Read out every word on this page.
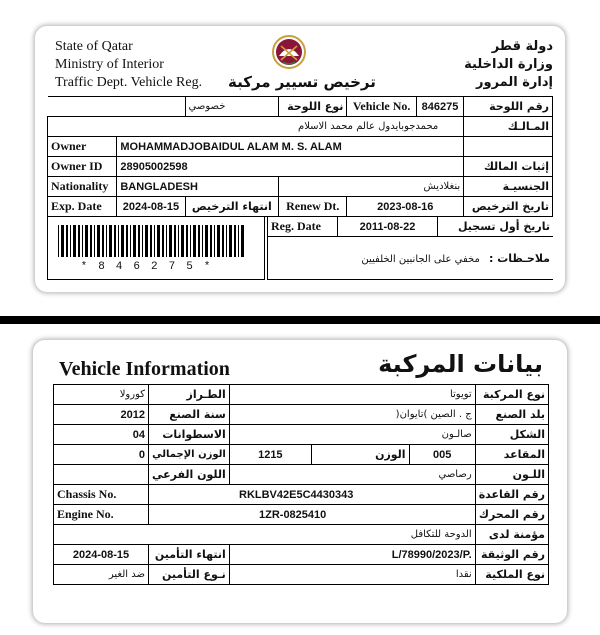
State of Qatar
Ministry of Interior
Traffic Dept. Vehicle Reg.
دولة قطر
وزارة الداخلية
إدارة المرور
ترخيص تسيير مركبة
		خصوصي	نوع اللوحة	Vehicle No.	846275	رقم اللوحة
محمدجوبايدول عالم محمد الاسلام						المـالـك
Owner	MOHAMMADJOBAIDUL ALAM M. S. ALAM					
Owner ID	28905002598					إثبات المالك
Nationality	BANGLADESH		بنغلاديش			الجنسيـة
Exp. Date	2024-08-15	انتهاء الترخيص	Renew Dt.	2023-08-16		تاريخ الترخيص
*846275*
Reg. Date	2011-08-22	تاريخ أول تسجيل
ملاحـظات : مخفي على الجانبين الخلفيين
Vehicle Information	بيانات المركبة
كورولا	الطـراز	تويوتا			نوع المركبة
2012	سنة الصنع	ج . الصين )تايوان(			بلد الصنع
04	الاسطوانات	صالـون			الشكل
0	الوزن الإجمالي	1215	الوزن	005	المقاعد
	اللون الفرعي	رصاصي			اللـون
Chassis No.	RKLBV42E5C4430343				رقم القاعدة
Engine No.	1ZR-0825410				رقم المحرك
الدوحة للتكافل					مؤمنة لدى
2024-08-15	انتهاء التأمين	L/78990/2023/P.			رقم الوثيقة
ضد الغير	نـوع التأمين	نقدا			نوع الملكية
